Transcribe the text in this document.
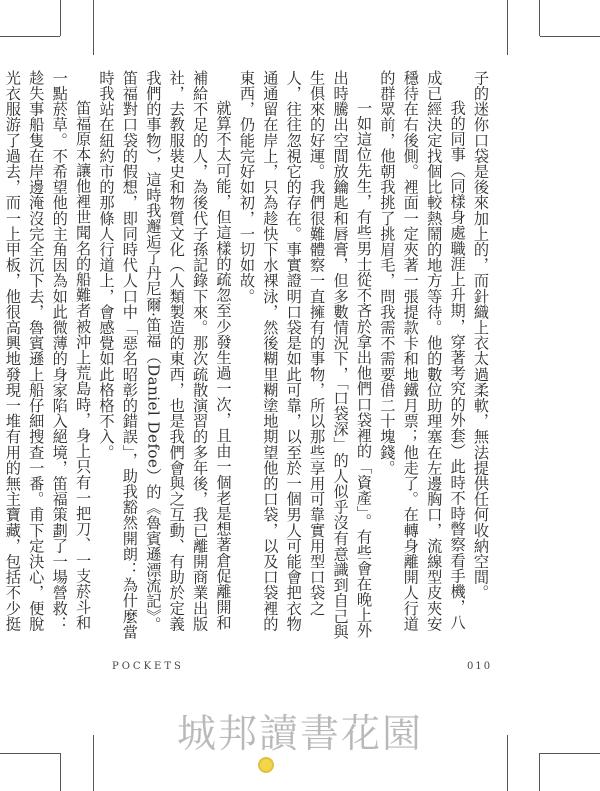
子的迷你口袋是後來加上的，而針織上衣太過柔軟，無法提供任何收納空間。

我的同事（同樣身處職涯上升期，穿著考究的外套）此時不時暼察看手機，八成已經決定找個比較熱鬧的地方等待。他的數位助理塞在左邊胸口，流線型皮夾安穩待在右後側。裡面一定夾著一張提款卡和地鐵月票；他走了。在轉身離開人行道的群眾前，他朝我挑了挑眉毛，問我需不需要借二十塊錢。

一如這位先生，有些男士從不吝於拿出他們口袋裡的「資產」。有些會在晚上外出時騰出空間放鑰匙和唇膏，但多數情況下，「口袋深」的人似乎沒有意識到自己與生俱來的好運。我們很難體察一直擁有的事物，所以那些享用可靠實用型口袋之人，往往忽視它的存在。事實證明口袋是如此可靠，以至於一個男人可能會把衣物通通留在岸上，只為趁快下水裸泳，然後糊里糊塗地期望他的口袋，以及口袋裡的東西，仍能完好如初，一切如故。

就算不太可能，但這樣的疏忽至少發生過一次，且由一個老是想著倉促離開和補給不足的人，為後代子孫記錄下來。那次疏散演習的多年後，我已離開商業出版社，去教服裝史和物質文化（人類製造的東西，也是我們會與之互動、有助於定義我們的事物），這時我邂逅了丹尼爾·笛福（Daniel Defoe）的《魯賓遜漂流記》。笛福對口袋的假想，即同時代人口中「惡名昭彰的錯誤」，助我豁然開朗：為什麼當時我站在紐約市的那條人行道上，會感覺如此格格不入。

笛福原本讓他裡世聞名的船難者被沖上荒島時，身上只有一把刀、一支菸斗和一點菸草。不希望他的主角因為如此微薄的身家陷入絕境，笛福策劃了一場營救：趁失事船隻在岸邊淹沒完全沉下去，魯賓遜上船仔細搜查一番。甫下定決心，便脫光衣服游了過去，而一上甲板，他很高興地發現一堆有用的無主寶藏，包括不少挺

POCKETS	010
城邦讀書花園
